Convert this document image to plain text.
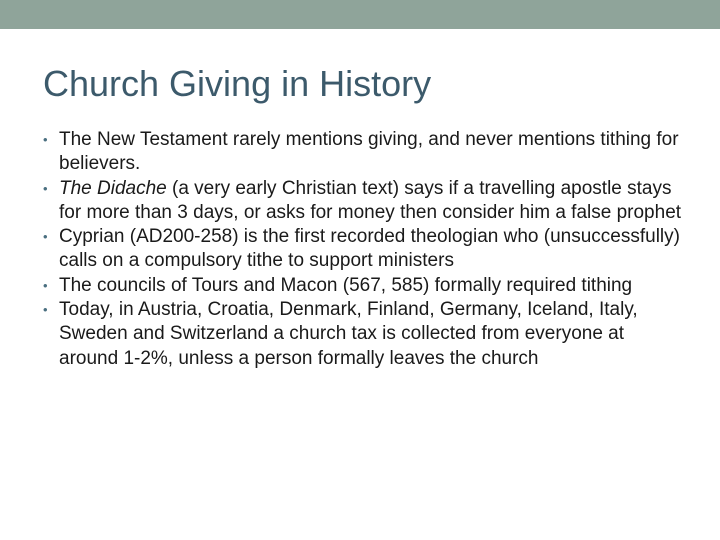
Church Giving in History
• The New Testament rarely mentions giving, and never mentions tithing for believers.
• The Didache (a very early Christian text) says if a travelling apostle stays for more than 3 days, or asks for money then consider him a false prophet
• Cyprian (AD200-258) is the first recorded theologian who (unsuccessfully) calls on a compulsory tithe to support ministers
• The councils of Tours and Macon (567, 585) formally required tithing
• Today, in Austria, Croatia, Denmark, Finland, Germany, Iceland, Italy, Sweden and Switzerland a church tax is collected from everyone at around 1-2%, unless a person formally leaves the church
